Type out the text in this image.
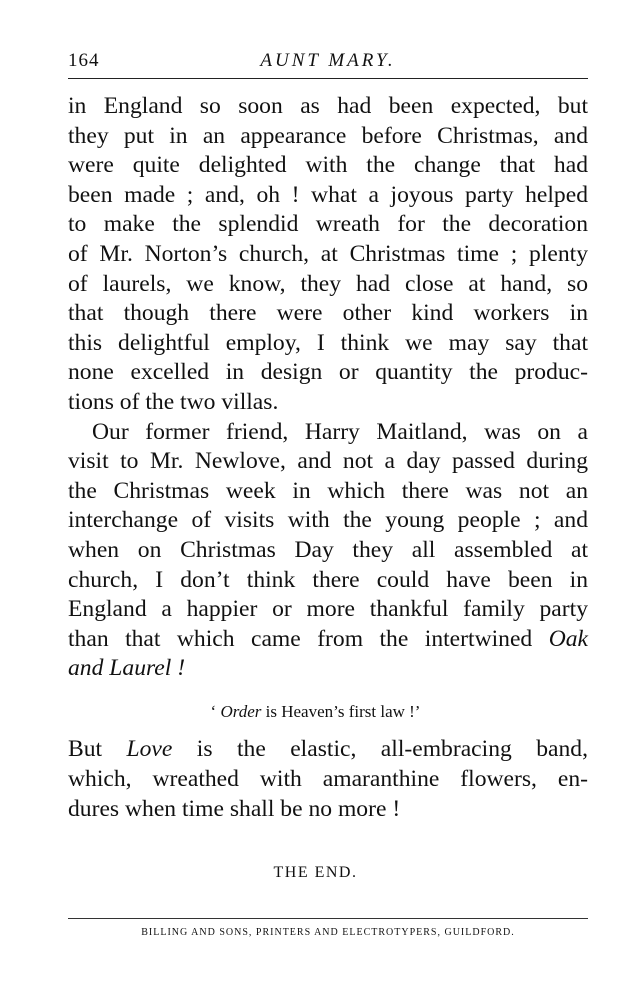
164	AUNT MARY.
in England so soon as had been expected, but
they put in an appearance before Christmas, and
were quite delighted with the change that had
been made ; and, oh ! what a joyous party helped
to make the splendid wreath for the decoration
of Mr. Norton’s church, at Christmas time ; plenty
of laurels, we know, they had close at hand, so
that though there were other kind workers in
this delightful employ, I think we may say that
none excelled in design or quantity the produc-
tions of the two villas.
Our former friend, Harry Maitland, was on a
visit to Mr. Newlove, and not a day passed during
the Christmas week in which there was not an
interchange of visits with the young people ; and
when on Christmas Day they all assembled at
church, I don’t think there could have been in
England a happier or more thankful family party
than that which came from the intertwined Oak
and Laurel !
‘ Order is Heaven’s first law !’
But Love is the elastic, all-embracing band,
which, wreathed with amaranthine flowers, en-
dures when time shall be no more !
THE END.
BILLING AND SONS, PRINTERS AND ELECTROTYPERS, GUILDFORD.
